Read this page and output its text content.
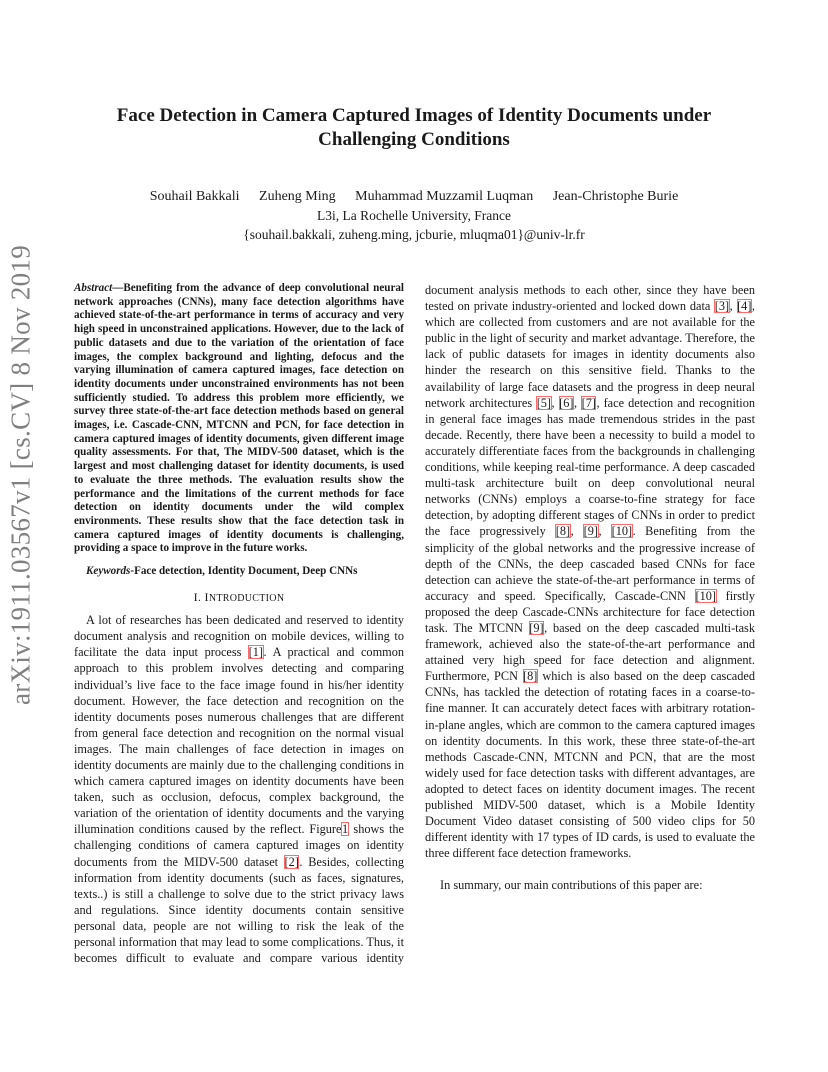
Face Detection in Camera Captured Images of Identity Documents under
Challenging Conditions
Souhail Bakkali Zuheng Ming Muhammad Muzzamil Luqman Jean-Christophe Burie
L3i, La Rochelle University, France
{souhail.bakkali, zuheng.ming, jcburie, mluqma01}@univ-lr.fr
arXiv:1911.03567v1 [cs.CV] 8 Nov 2019	Abstract—Benefiting from the advance of deep convolutional neural network approaches (CNNs), many face detection algorithms have achieved state-of-the-art performance in terms of accuracy and very high speed in unconstrained applications. However, due to the lack of public datasets and due to the variation of the orientation of face images, the complex background and lighting, defocus and the varying illumination of camera captured images, face detection on identity documents under unconstrained environments has not been sufficiently studied. To address this problem more efficiently, we survey three state-of-the-art face detection methods based on general images, i.e. Cascade-CNN, MTCNN and PCN, for face detection in camera captured images of identity documents, given different image quality assessments. For that, The MIDV-500 dataset, which is the largest and most challenging dataset for identity documents, is used to evaluate the three methods. The evaluation results show the performance and the limitations of the current methods for face detection on identity documents under the wild complex environments. These results show that the face detection task in camera captured images of identity documents is challenging, providing a space to improve in the future works.

Keywords-Face detection, Identity Document, Deep CNNs

I. INTRODUCTION

A lot of researches has been dedicated and reserved to identity document analysis and recognition on mobile devices, willing to facilitate the data input process [1]. A practical and common approach to this problem involves detecting and comparing individual’s live face to the face image found in his/her identity document. However, the face detection and recognition on the identity documents poses numerous challenges that are different from general face detection and recognition on the normal visual images. The main challenges of face detection in images on identity documents are mainly due to the challenging conditions in which camera captured images on identity documents have been taken, such as occlusion, defocus, complex background, the variation of the orientation of identity documents and the varying illumination conditions caused by the reflect. Figure1 shows the challenging conditions of camera captured images on identity documents from the MIDV-500 dataset [2]. Besides, collecting information from identity documents (such as faces, signatures, texts..) is still a challenge to solve due to the strict privacy laws and regulations. Since identity documents contain sensitive personal data, people are not willing to risk the leak of the personal information that may lead to some complications. Thus, it becomes difficult to evaluate and compare various identity

document analysis methods to each other, since they have been tested on private industry-oriented and locked down data [3], [4], which are collected from customers and are not available for the public in the light of security and market advantage. Therefore, the lack of public datasets for images in identity documents also hinder the research on this sensitive field. Thanks to the availability of large face datasets and the progress in deep neural network architectures [5], [6], [7], face detection and recognition in general face images has made tremendous strides in the past decade. Recently, there have been a necessity to build a model to accurately differentiate faces from the backgrounds in challenging conditions, while keeping real-time performance. A deep cascaded multi-task architecture built on deep convolutional neural networks (CNNs) employs a coarse-to-fine strategy for face detection, by adopting different stages of CNNs in order to predict the face progressively [8], [9], [10]. Benefiting from the simplicity of the global networks and the progressive increase of depth of the CNNs, the deep cascaded based CNNs for face detection can achieve the state-of-the-art performance in terms of accuracy and speed. Specifically, Cascade-CNN [10] firstly proposed the deep Cascade-CNNs architecture for face detection task. The MTCNN [9], based on the deep cascaded multi-task framework, achieved also the state-of-the-art performance and attained very high speed for face detection and alignment. Furthermore, PCN [8] which is also based on the deep cascaded CNNs, has tackled the detection of rotating faces in a coarse-to-fine manner. It can accurately detect faces with arbitrary rotation-in-plane angles, which are common to the camera captured images on identity documents. In this work, these three state-of-the-art methods Cascade-CNN, MTCNN and PCN, that are the most widely used for face detection tasks with different advantages, are adopted to detect faces on identity document images. The recent published MIDV-500 dataset, which is a Mobile Identity Document Video dataset consisting of 500 video clips for 50 different identity with 17 types of ID cards, is used to evaluate the three different face detection frameworks.

In summary, our main contributions of this paper are:
